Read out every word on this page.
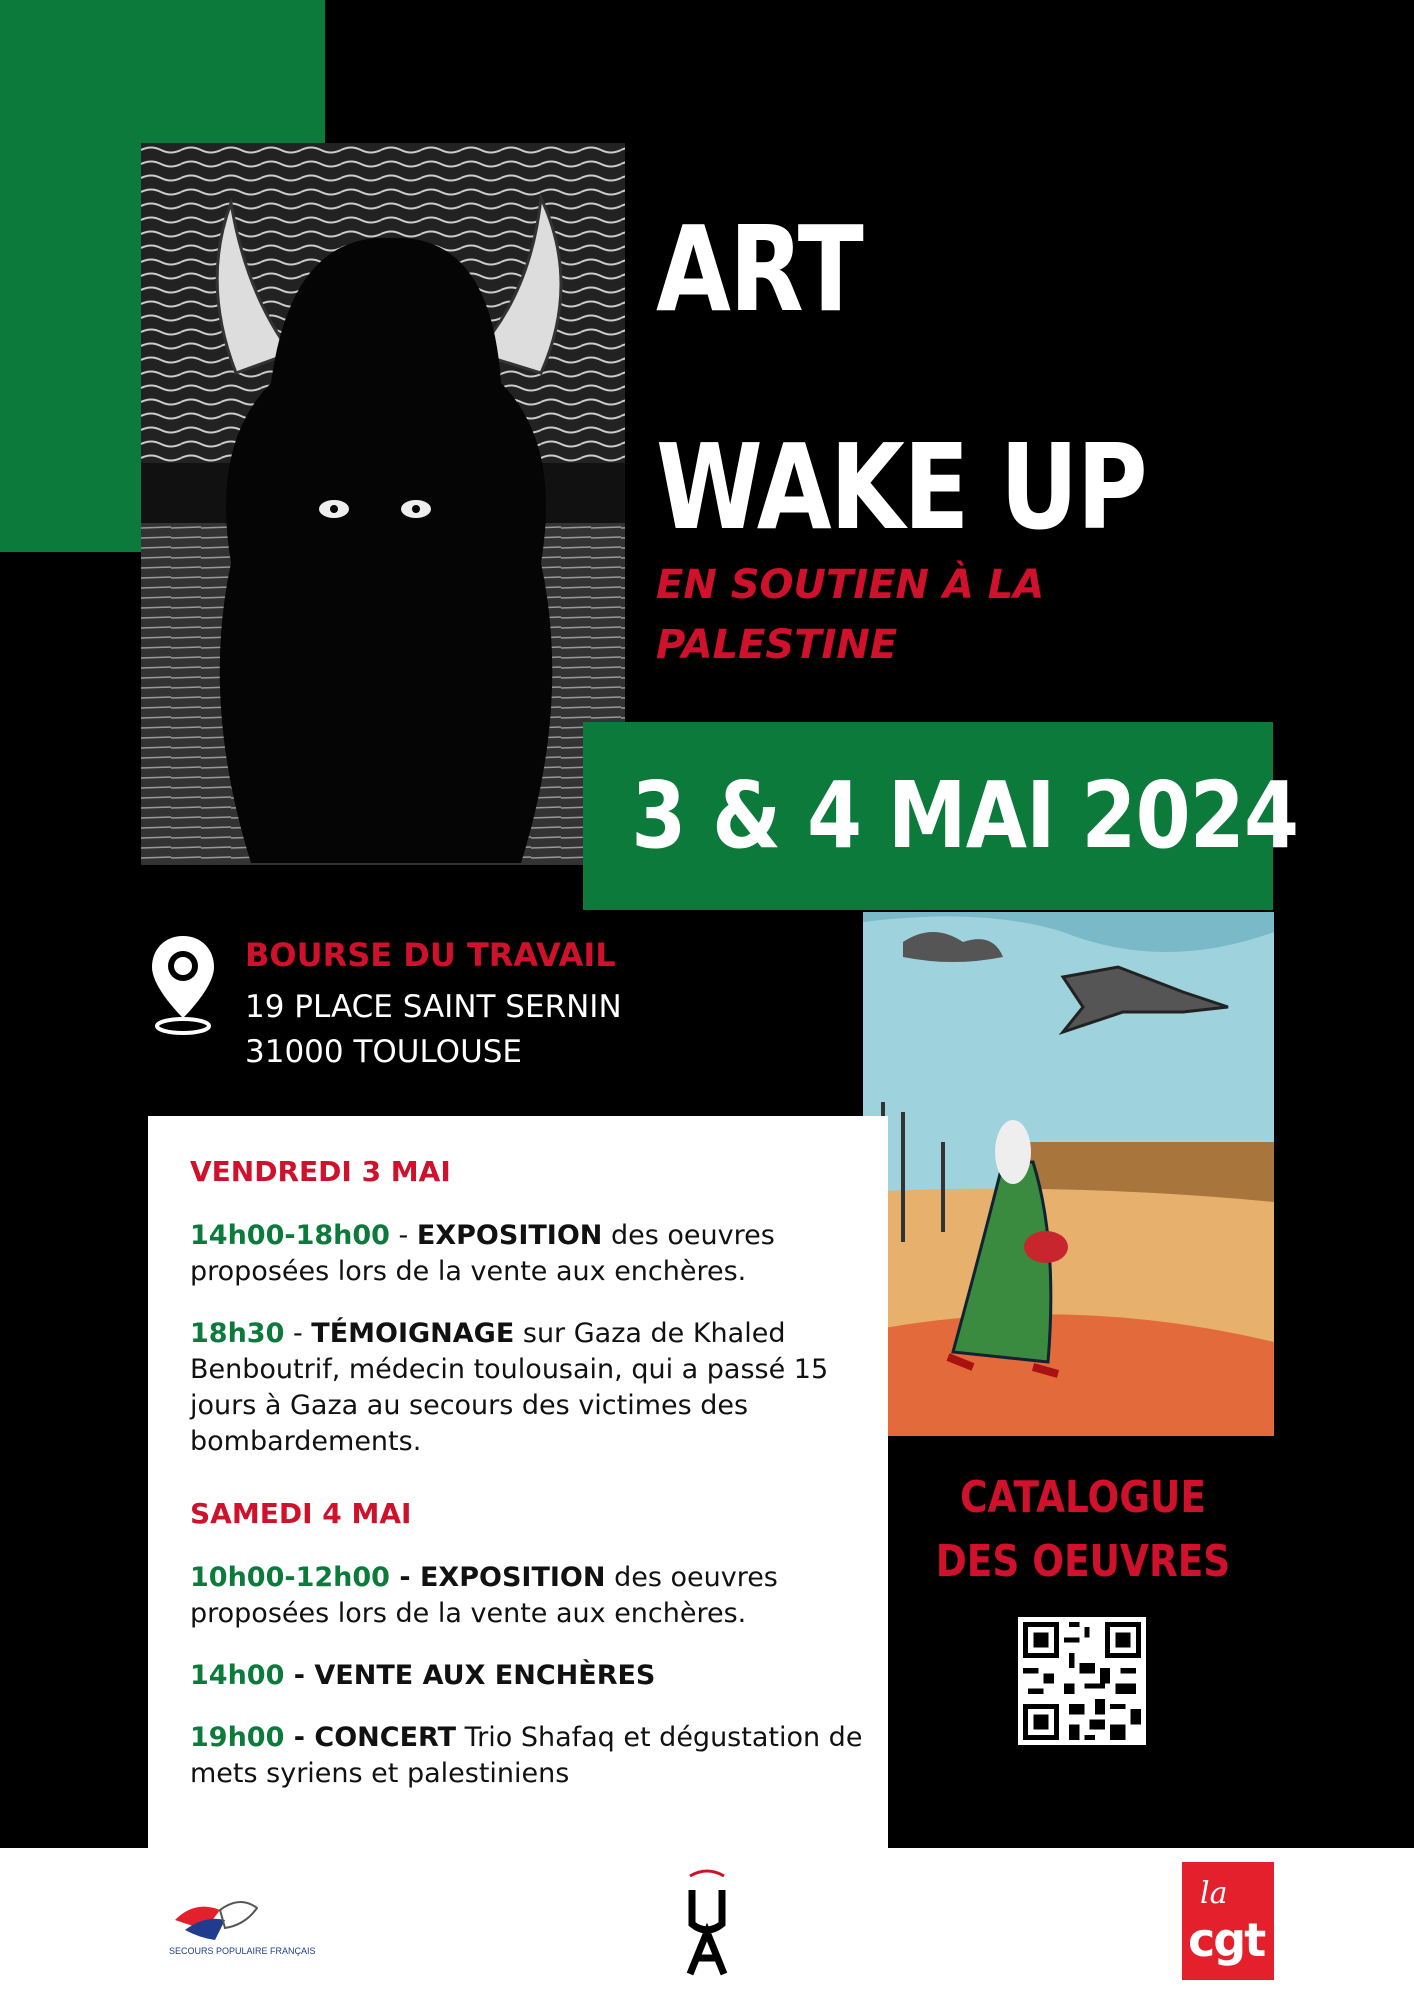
ART
WAKE UP
EN SOUTIEN À LA PALESTINE
3 & 4 MAI 2024
BOURSE DU TRAVAIL
19 PLACE SAINT SERNIN
31000 TOULOUSE
VENDREDI 3 MAI
14h00-18h00 - EXPOSITION des oeuvres proposées lors de la vente aux enchères.
18h30 - TÉMOIGNAGE sur Gaza de Khaled Benboutrif, médecin toulousain, qui a passé 15 jours à Gaza au secours des victimes des bombardements.
SAMEDI 4 MAI
10h00-12h00 - EXPOSITION des oeuvres proposées lors de la vente aux enchères.
14h00 - VENTE AUX ENCHÈRES
19h00 - CONCERT Trio Shafaq et dégustation de mets syriens et palestiniens
CATALOGUE DES OEUVRES
SECOURS POPULAIRE FRANÇAIS
la
cgt
